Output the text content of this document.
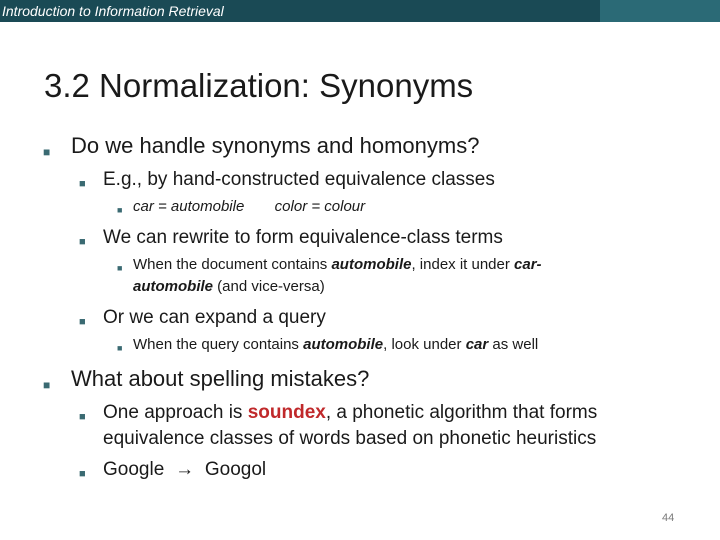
Introduction to Information Retrieval
3.2 Normalization: Synonyms
■ Do we handle synonyms and homonyms?
■ E.g., by hand-constructed equivalence classes
■ car = automobile color = colour
■ We can rewrite to form equivalence-class terms
■ When the document contains automobile, index it under car-
automobile (and vice-versa)
■ Or we can expand a query
■ When the query contains automobile, look under car as well
■ What about spelling mistakes?
■ One approach is soundex, a phonetic algorithm that forms
equivalence classes of words based on phonetic heuristics
■ Google → Googol
44
